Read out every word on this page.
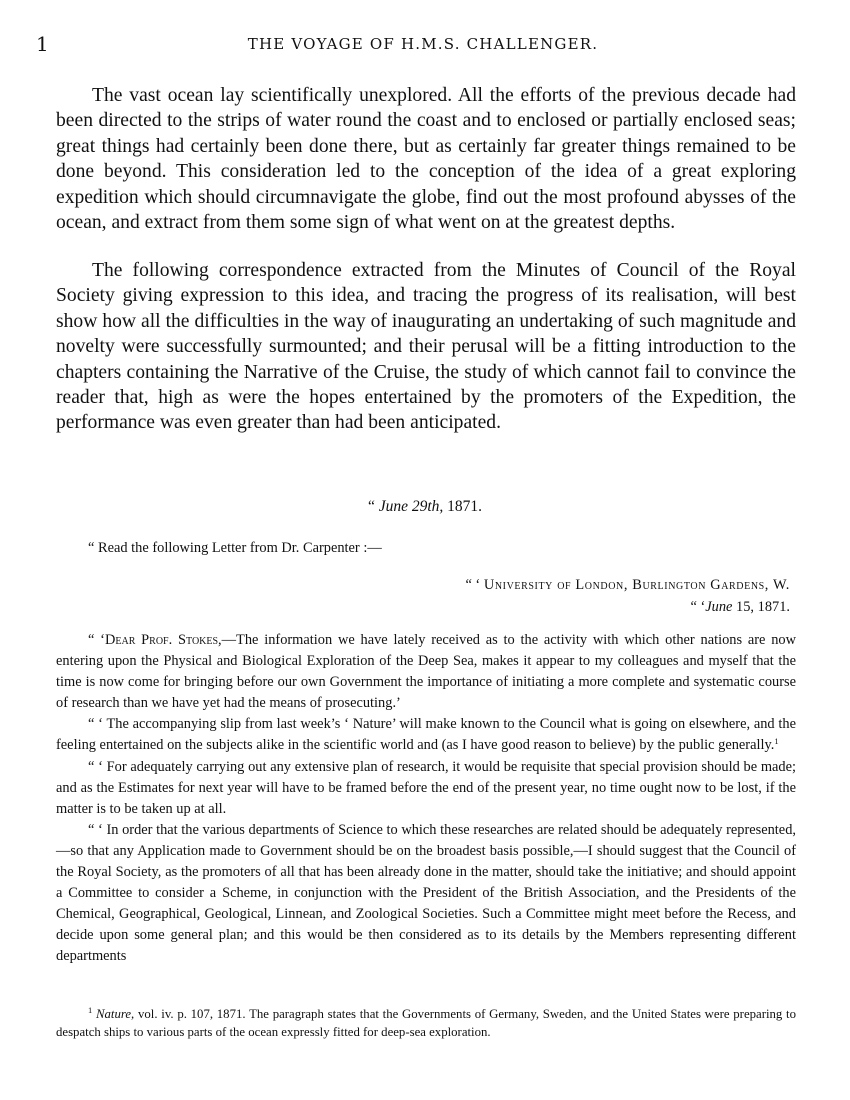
1	THE VOYAGE OF H.M.S. CHALLENGER.

The vast ocean lay scientifically unexplored. All the efforts of the previous decade had been directed to the strips of water round the coast and to enclosed or partially enclosed seas; great things had certainly been done there, but as certainly far greater things remained to be done beyond. This consideration led to the conception of the idea of a great exploring expedition which should circumnavigate the globe, find out the most profound abysses of the ocean, and extract from them some sign of what went on at the greatest depths.

The following correspondence extracted from the Minutes of Council of the Royal Society giving expression to this idea, and tracing the progress of its realisation, will best show how all the difficulties in the way of inaugurating an undertaking of such magnitude and novelty were successfully surmounted; and their perusal will be a fitting introduction to the chapters containing the Narrative of the Cruise, the study of which cannot fail to convince the reader that, high as were the hopes entertained by the promoters of the Expedition, the performance was even greater than had been anticipated.

“ June 29th, 1871.
“ Read the following Letter from Dr. Carpenter :—
“ ‘ University of London, Burlington Gardens, W.
“ ‘June 15, 1871.

“ ‘Dear Prof. Stokes,—The information we have lately received as to the activity with which other nations are now entering upon the Physical and Biological Exploration of the Deep Sea, makes it appear to my colleagues and myself that the time is now come for bringing before our own Government the importance of initiating a more complete and systematic course of research than we have yet had the means of prosecuting.’

“ ‘ The accompanying slip from last week’s ‘ Nature’ will make known to the Council what is going on elsewhere, and the feeling entertained on the subjects alike in the scientific world and (as I have good reason to believe) by the public generally.$^1$

“ ‘ For adequately carrying out any extensive plan of research, it would be requisite that special provision should be made; and as the Estimates for next year will have to be framed before the end of the present year, no time ought now to be lost, if the matter is to be taken up at all.

“ ‘ In order that the various departments of Science to which these researches are related should be adequately represented,—so that any Application made to Government should be on the broadest basis possible,—I should suggest that the Council of the Royal Society, as the promoters of all that has been already done in the matter, should take the initiative; and should appoint a Committee to consider a Scheme, in conjunction with the President of the British Association, and the Presidents of the Chemical, Geographical, Geological, Linnean, and Zoological Societies. Such a Committee might meet before the Recess, and decide upon some general plan; and this would be then considered as to its details by the Members representing different departments

$^1$ Nature, vol. iv. p. 107, 1871. The paragraph states that the Governments of Germany, Sweden, and the United States were preparing to despatch ships to various parts of the ocean expressly fitted for deep-sea exploration.
